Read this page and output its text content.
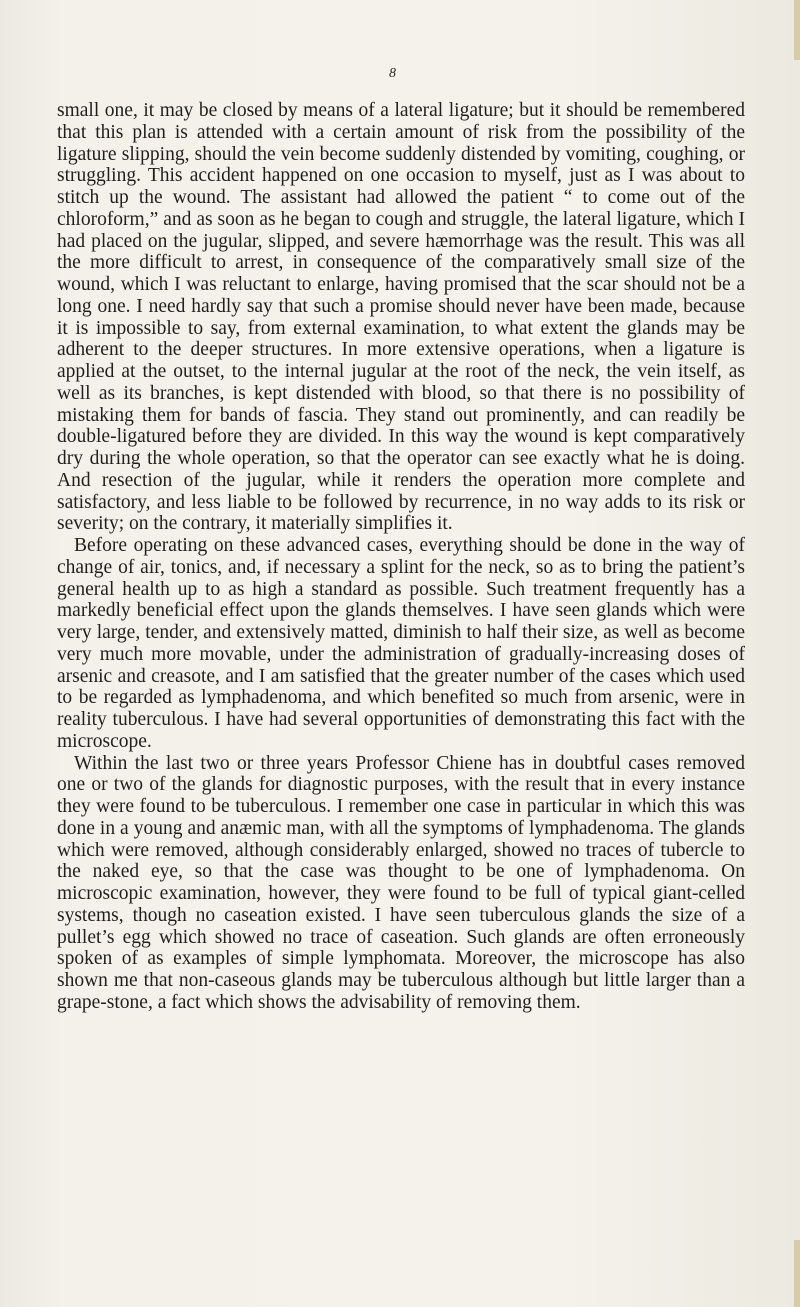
8

small one, it may be closed by means of a lateral ligature; but it should be remembered that this plan is attended with a certain amount of risk from the possibility of the ligature slipping, should the vein become suddenly distended by vomiting, coughing, or struggling. This accident happened on one occasion to myself, just as I was about to stitch up the wound. The assistant had allowed the patient “ to come out of the chloroform,” and as soon as he began to cough and struggle, the lateral ligature, which I had placed on the jugular, slipped, and severe hæmorrhage was the result. This was all the more difficult to arrest, in consequence of the comparatively small size of the wound, which I was reluctant to enlarge, having promised that the scar should not be a long one. I need hardly say that such a promise should never have been made, because it is impossible to say, from external examination, to what extent the glands may be adherent to the deeper structures. In more extensive operations, when a ligature is applied at the outset, to the internal jugular at the root of the neck, the vein itself, as well as its branches, is kept distended with blood, so that there is no possibility of mistaking them for bands of fascia. They stand out prominently, and can readily be double-ligatured before they are divided. In this way the wound is kept comparatively dry during the whole operation, so that the operator can see exactly what he is doing. And resection of the jugular, while it renders the operation more complete and satisfactory, and less liable to be followed by recurrence, in no way adds to its risk or severity; on the contrary, it materially simplifies it.

Before operating on these advanced cases, everything should be done in the way of change of air, tonics, and, if necessary a splint for the neck, so as to bring the patient’s general health up to as high a standard as possible. Such treatment frequently has a markedly beneficial effect upon the glands themselves. I have seen glands which were very large, tender, and extensively matted, diminish to half their size, as well as become very much more movable, under the administration of gradually-increasing doses of arsenic and creasote, and I am satisfied that the greater number of the cases which used to be regarded as lymphadenoma, and which benefited so much from arsenic, were in reality tuberculous. I have had several opportunities of demonstrating this fact with the microscope.

Within the last two or three years Professor Chiene has in doubtful cases removed one or two of the glands for diagnostic purposes, with the result that in every instance they were found to be tuberculous. I remember one case in particular in which this was done in a young and anæmic man, with all the symptoms of lymphadenoma. The glands which were removed, although considerably enlarged, showed no traces of tubercle to the naked eye, so that the case was thought to be one of lymphadenoma. On microscopic examination, however, they were found to be full of typical giant-celled systems, though no caseation existed. I have seen tuberculous glands the size of a pullet’s egg which showed no trace of caseation. Such glands are often erroneously spoken of as examples of simple lymphomata. Moreover, the microscope has also shown me that non-caseous glands may be tuberculous although but little larger than a grape-stone, a fact which shows the advisability of removing them.
